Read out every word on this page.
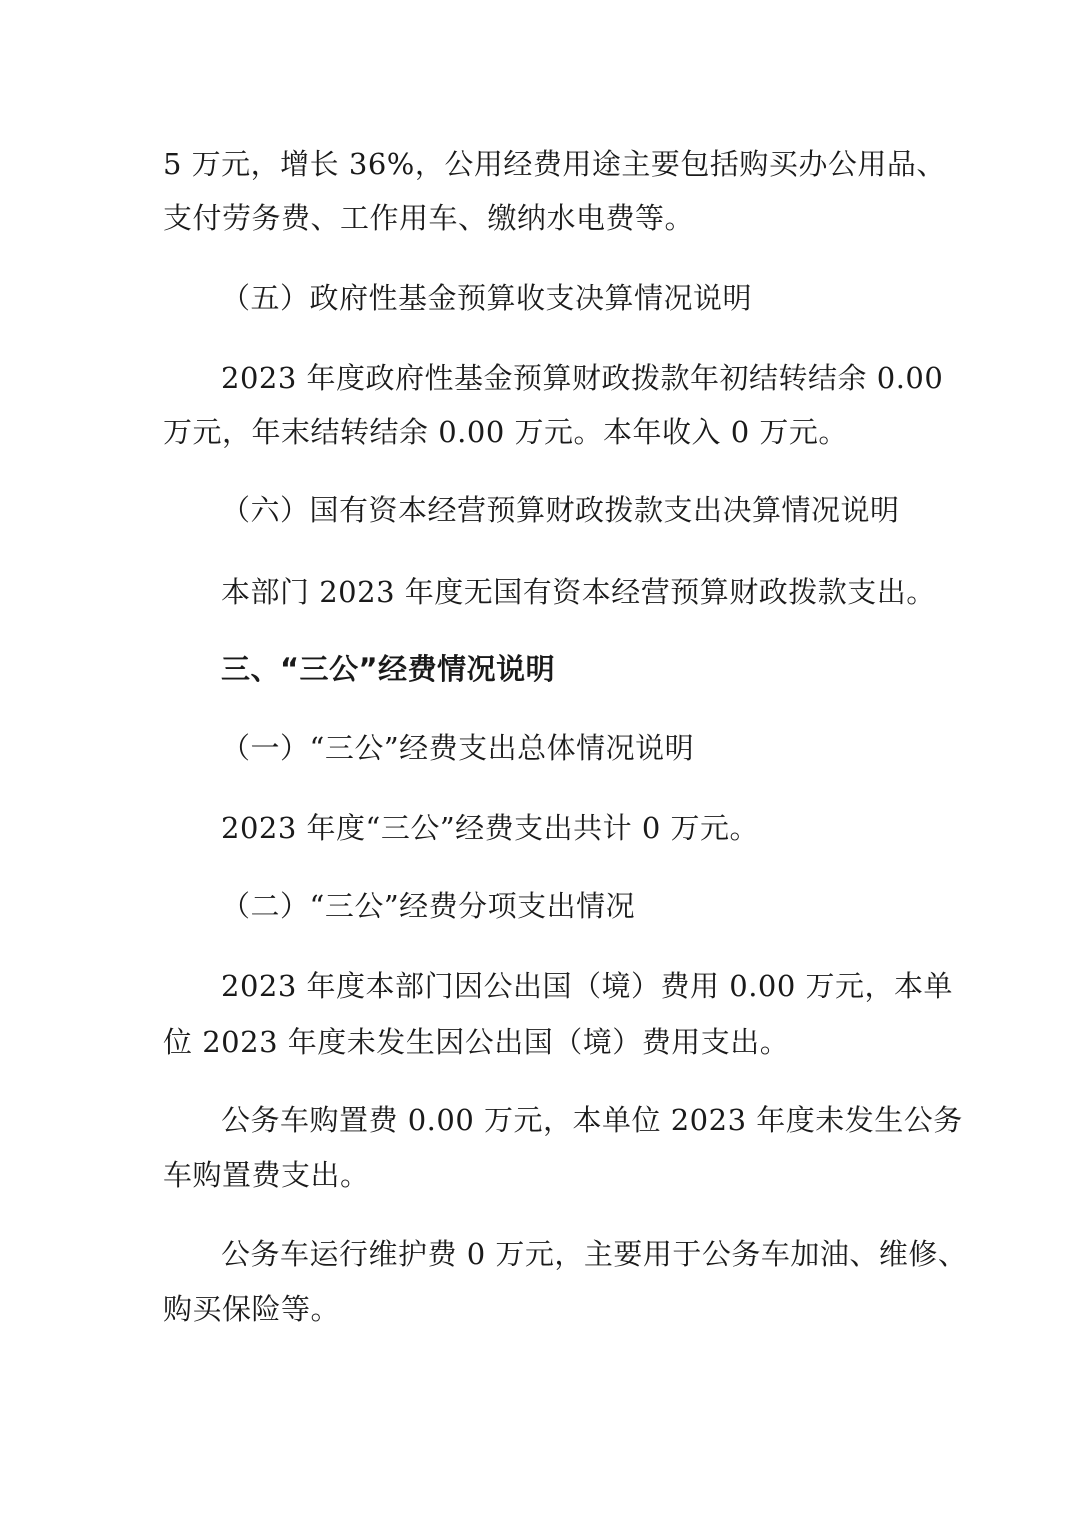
5 万元，增长 36%，公用经费用途主要包括购买办公用品、
支付劳务费、工作用车、缴纳水电费等。
（五）政府性基金预算收支决算情况说明
2023 年度政府性基金预算财政拨款年初结转结余 0.00
万元，年末结转结余 0.00 万元。本年收入 0 万元。
（六）国有资本经营预算财政拨款支出决算情况说明
本部门 2023 年度无国有资本经营预算财政拨款支出。
三、“三公”经费情况说明
（一）“三公”经费支出总体情况说明
2023 年度“三公”经费支出共计 0 万元。
（二）“三公”经费分项支出情况
2023 年度本部门因公出国（境）费用 0.00 万元，本单
位 2023 年度未发生因公出国（境）费用支出。
公务车购置费 0.00 万元，本单位 2023 年度未发生公务
车购置费支出。
公务车运行维护费 0 万元，主要用于公务车加油、维修、
购买保险等。
